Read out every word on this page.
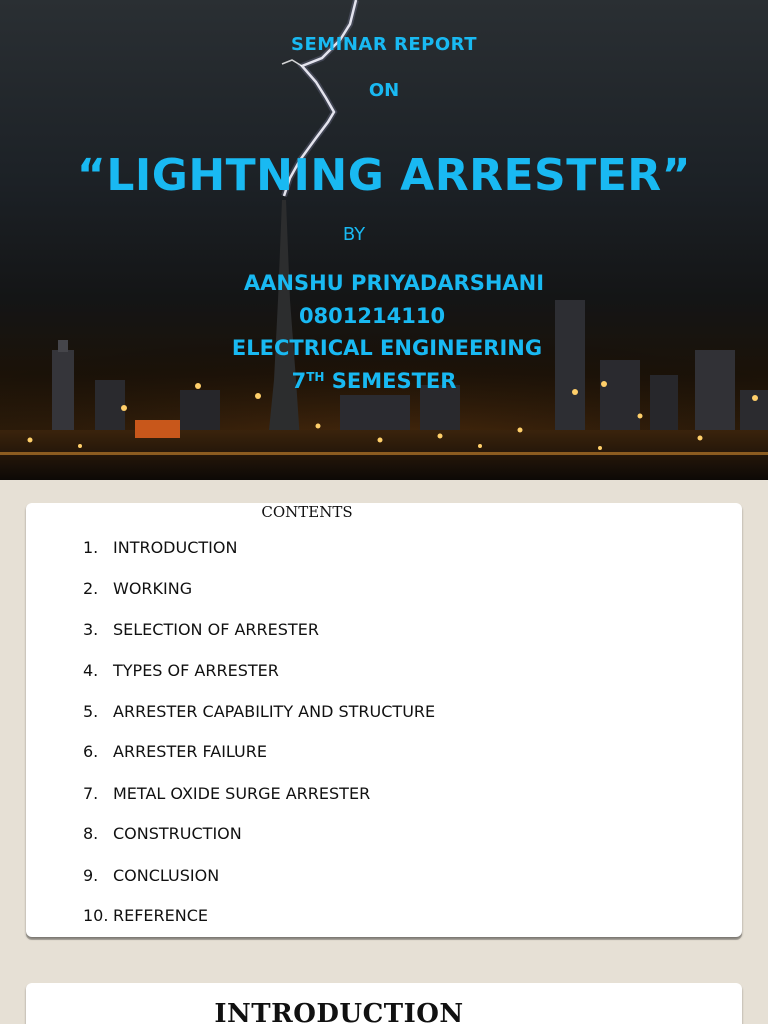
SEMINAR REPORT

ON

“LIGHTNING ARRESTER”

BY

AANSHU PRIYADARSHANI

0801214110

ELECTRICAL ENGINEERING

7TH SEMESTER

CONTENTS

1. INTRODUCTION
2. WORKING
3. SELECTION OF ARRESTER
4. TYPES OF ARRESTER
5. ARRESTER CAPABILITY AND STRUCTURE
6. ARRESTER FAILURE
7. METAL OXIDE SURGE ARRESTER
8. CONSTRUCTION
9. CONCLUSION
10. REFERENCE

INTRODUCTION
